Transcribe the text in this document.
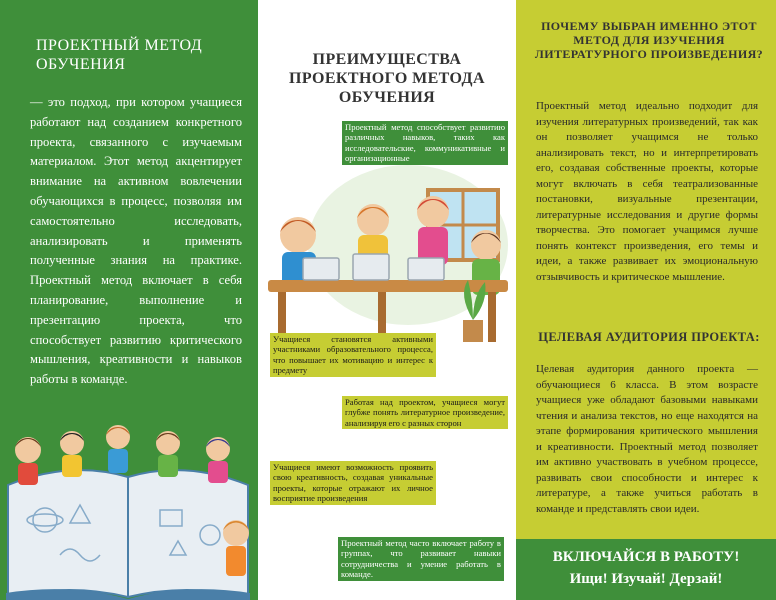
ПРОЕКТНЫЙ МЕТОД ОБУЧЕНИЯ
— это подход, при котором учащиеся работают над созданием конкретного проекта, связанного с изучаемым материалом. Этот метод акцентирует внимание на активном вовлечении обучающихся в процесс, позволяя им самостоятельно исследовать, анализировать и применять полученные знания на практике. Проектный метод включает в себя планирование, выполнение и презентацию проекта, что способствует развитию критического мышления, креативности и навыков работы в команде.
ПРЕИМУЩЕСТВА ПРОЕКТНОГО МЕТОДА ОБУЧЕНИЯ
Проектный метод способствует развитию различных навыков, таких как исследовательские, коммуникативные и организационные
Учащиеся становятся активными участниками образовательного процесса, что повышает их мотивацию и интерес к предмету
Работая над проектом, учащиеся могут глубже понять литературное произведение, анализируя его с разных сторон
Учащиеся имеют возможность проявить свою креативность, создавая уникальные проекты, которые отражают их личное восприятие произведения
Проектный метод часто включает работу в группах, что развивает навыки сотрудничества и умение работать в команде.
ПОЧЕМУ ВЫБРАН ИМЕННО ЭТОТ МЕТОД ДЛЯ ИЗУЧЕНИЯ ЛИТЕРАТУРНОГО ПРОИЗВЕДЕНИЯ?
Проектный метод идеально подходит для изучения литературных произведений, так как он позволяет учащимся не только анализировать текст, но и интерпретировать его, создавая собственные проекты, которые могут включать в себя театрализованные постановки, визуальные презентации, литературные исследования и другие формы творчества. Это помогает учащимся лучше понять контекст произведения, его темы и идеи, а также развивает их эмоциональную отзывчивость и критическое мышление.
ЦЕЛЕВАЯ АУДИТОРИЯ ПРОЕКТА:
Целевая аудитория данного проекта — обучающиеся 6 класса. В этом возрасте учащиеся уже обладают базовыми навыками чтения и анализа текстов, но еще находятся на этапе формирования критического мышления и креативности. Проектный метод позволяет им активно участвовать в учебном процессе, развивать свои способности и интерес к литературе, а также учиться работать в команде и представлять свои идеи.
ВКЛЮЧАЙСЯ В РАБОТУ!
Ищи! Изучай! Дерзай!
